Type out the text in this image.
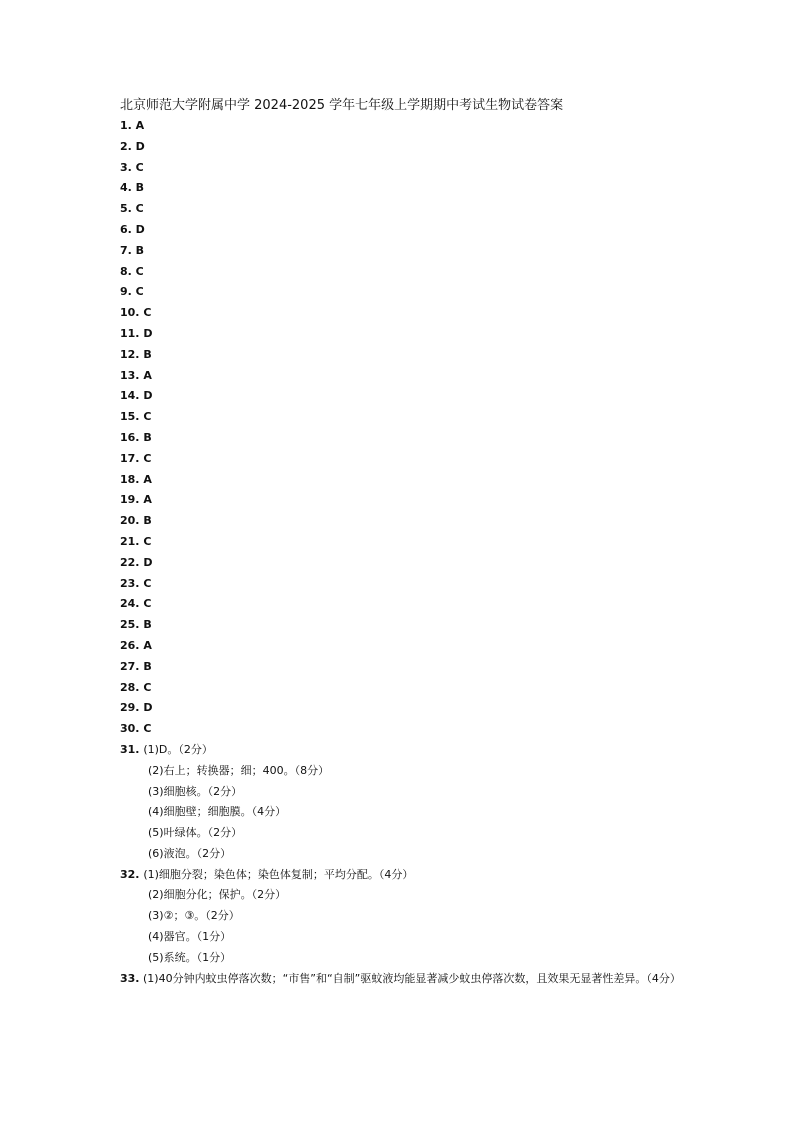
北京师范大学附属中学 2024-2025 学年七年级上学期期中考试生物试卷答案
1. A
2. D
3. C
4. B
5. C
6. D
7. B
8. C
9. C
10. C
11. D
12. B
13. A
14. D
15. C
16. B
17. C
18. A
19. A
20. B
21. C
22. D
23. C
24. C
25. B
26. A
27. B
28. C
29. D
30. C
31. (1)D。（2分）
(2)右上；转换器；细；400。（8分）
(3)细胞核。（2分）
(4)细胞壁；细胞膜。（4分）
(5)叶绿体。（2分）
(6)液泡。（2分）
32. (1)细胞分裂；染色体；染色体复制；平均分配。（4分）
(2)细胞分化；保护。（2分）
(3)②；③。（2分）
(4)器官。（1分）
(5)系统。（1分）
33. (1)40分钟内蚊虫停落次数；“市售”和“自制”驱蚊液均能显著减少蚊虫停落次数，且效果无显著性差异。（4分）
